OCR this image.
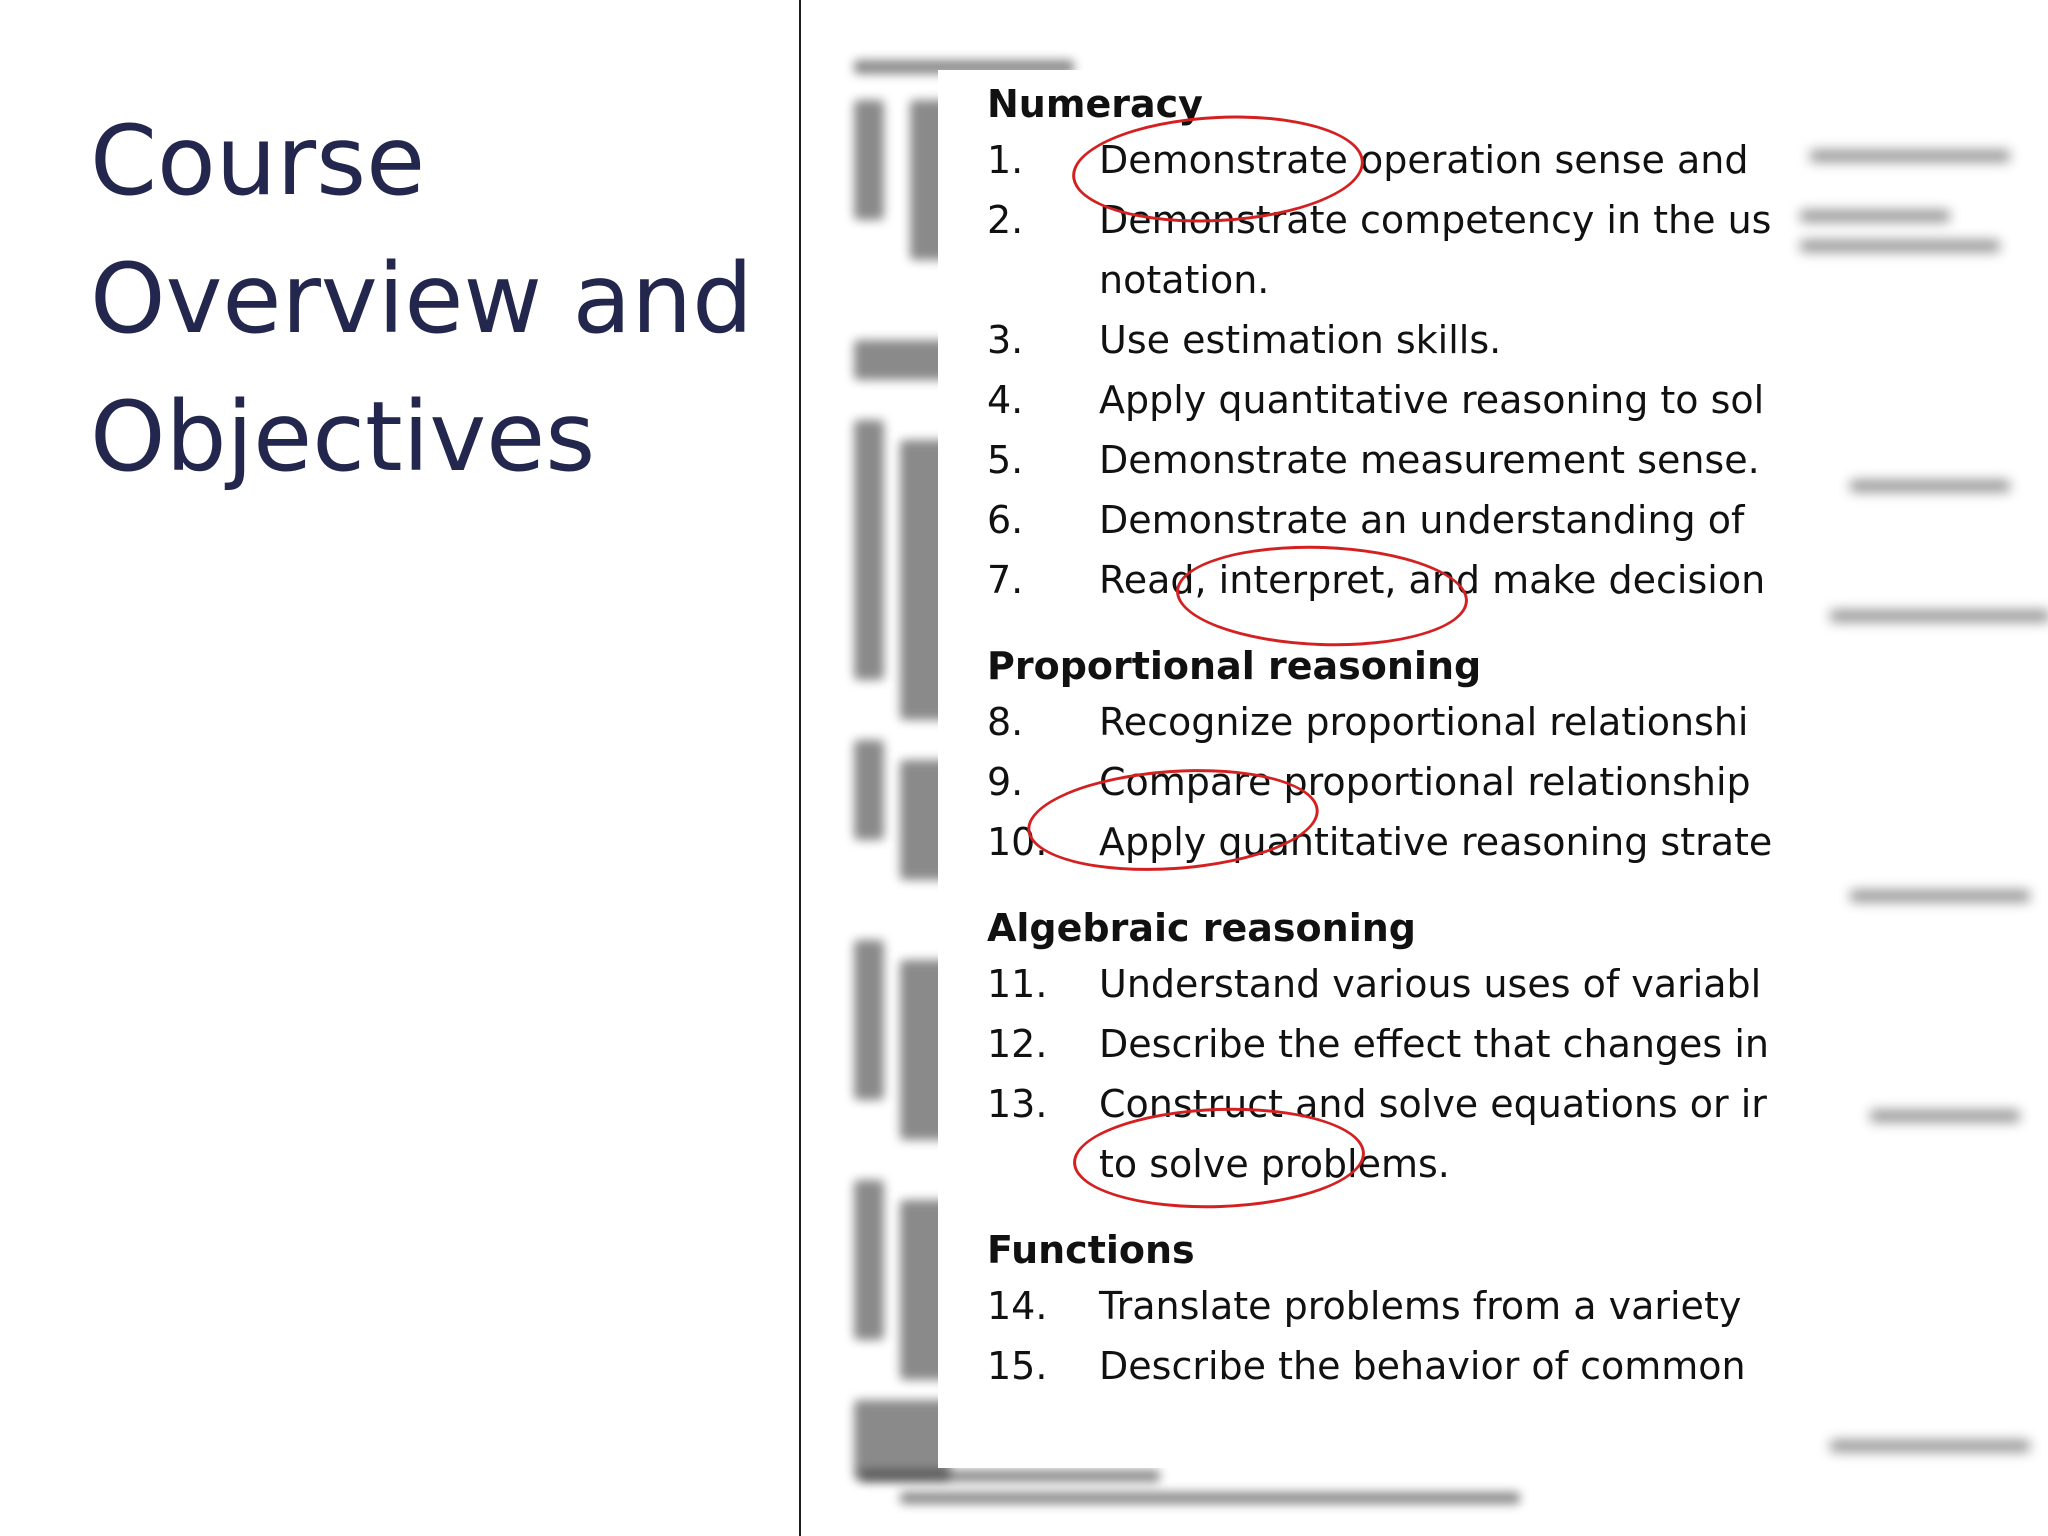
Course
Overview and
Objectives
Numeracy
1. Demonstrate operation sense and
2. Demonstrate competency in the us
notation.
3. Use estimation skills.
4. Apply quantitative reasoning to sol
5. Demonstrate measurement sense.
6. Demonstrate an understanding of
7. Read, interpret, and make decision
Proportional reasoning
8. Recognize proportional relationshi
9. Compare proportional relationship
10. Apply quantitative reasoning strate
Algebraic reasoning
11. Understand various uses of variabl
12. Describe the effect that changes in
13. Construct and solve equations or ir
to solve problems.
Functions
14. Translate problems from a variety
15. Describe the behavior of common
